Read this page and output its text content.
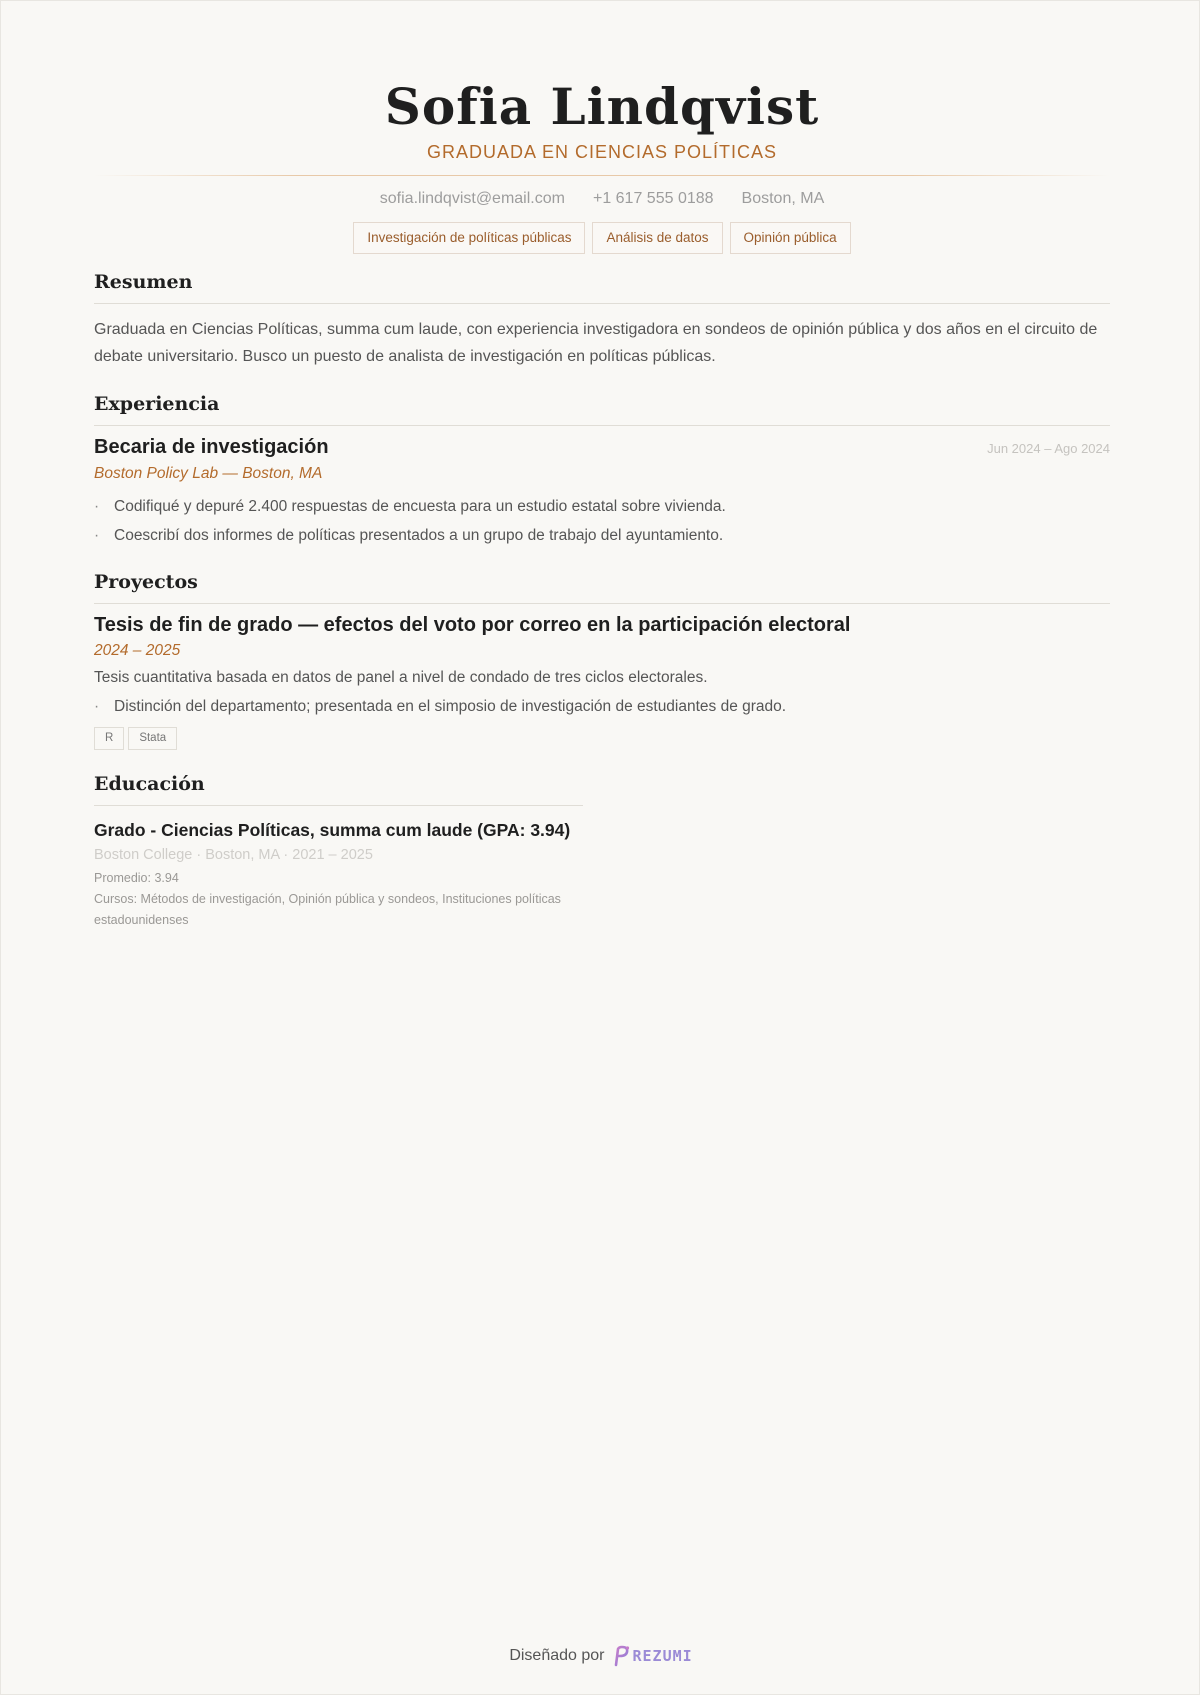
Sofia Lindqvist
GRADUADA EN CIENCIAS POLÍTICAS
sofia.lindqvist@email.com +1 617 555 0188 Boston, MA
Investigación de políticas públicas	Análisis de datos	Opinión pública
Resumen
Graduada en Ciencias Políticas, summa cum laude, con experiencia investigadora en sondeos de opinión pública y dos años en el circuito de debate universitario. Busco un puesto de analista de investigación en políticas públicas.
Experiencia
Becaria de investigación	Jun 2024 – Ago 2024
Boston Policy Lab — Boston, MA
· Codifiqué y depuré 2.400 respuestas de encuesta para un estudio estatal sobre vivienda.
· Coescribí dos informes de políticas presentados a un grupo de trabajo del ayuntamiento.
Proyectos
Tesis de fin de grado — efectos del voto por correo en la participación electoral
2024 – 2025
Tesis cuantitativa basada en datos de panel a nivel de condado de tres ciclos electorales.
· Distinción del departamento; presentada en el simposio de investigación de estudiantes de grado.
R	Stata
Educación
Grado - Ciencias Políticas, summa cum laude (GPA: 3.94)
Boston College · Boston, MA · 2021 – 2025
Promedio: 3.94
Cursos: Métodos de investigación, Opinión pública y sondeos, Instituciones políticas estadounidenses
Diseñado por REZUMI
